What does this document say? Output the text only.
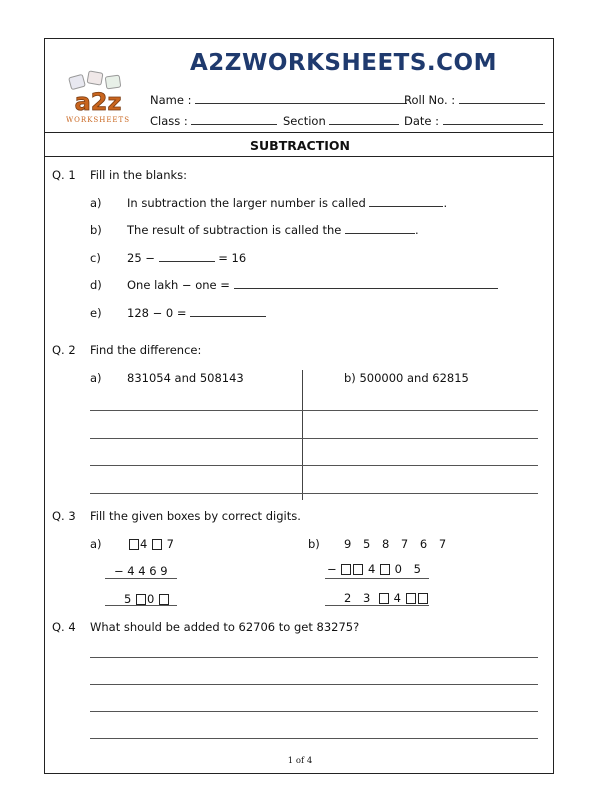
A2ZWORKSHEETS.COM
a2z
WORKSHEETS
Name :	Roll No. :
Class :	Section	Date :
SUBTRACTION
Q. 1 Fill in the blanks:
a) In subtraction the larger number is called	.
b) The result of subtraction is called the	.
c) 25 −	= 16
d) One lakh − one =
e) 128 − 0 =
Q. 2 Find the difference:
a) 831054 and 508143	b) 500000 and 62815
Q. 3 Fill the given boxes by correct digits.
a)	4 7
− 4 4 6 9
5 0
b) 9 5 8 7 6 7
−	4 0 5
2 3 4
Q. 4 What should be added to 62706 to get 83275?
1 of 4
